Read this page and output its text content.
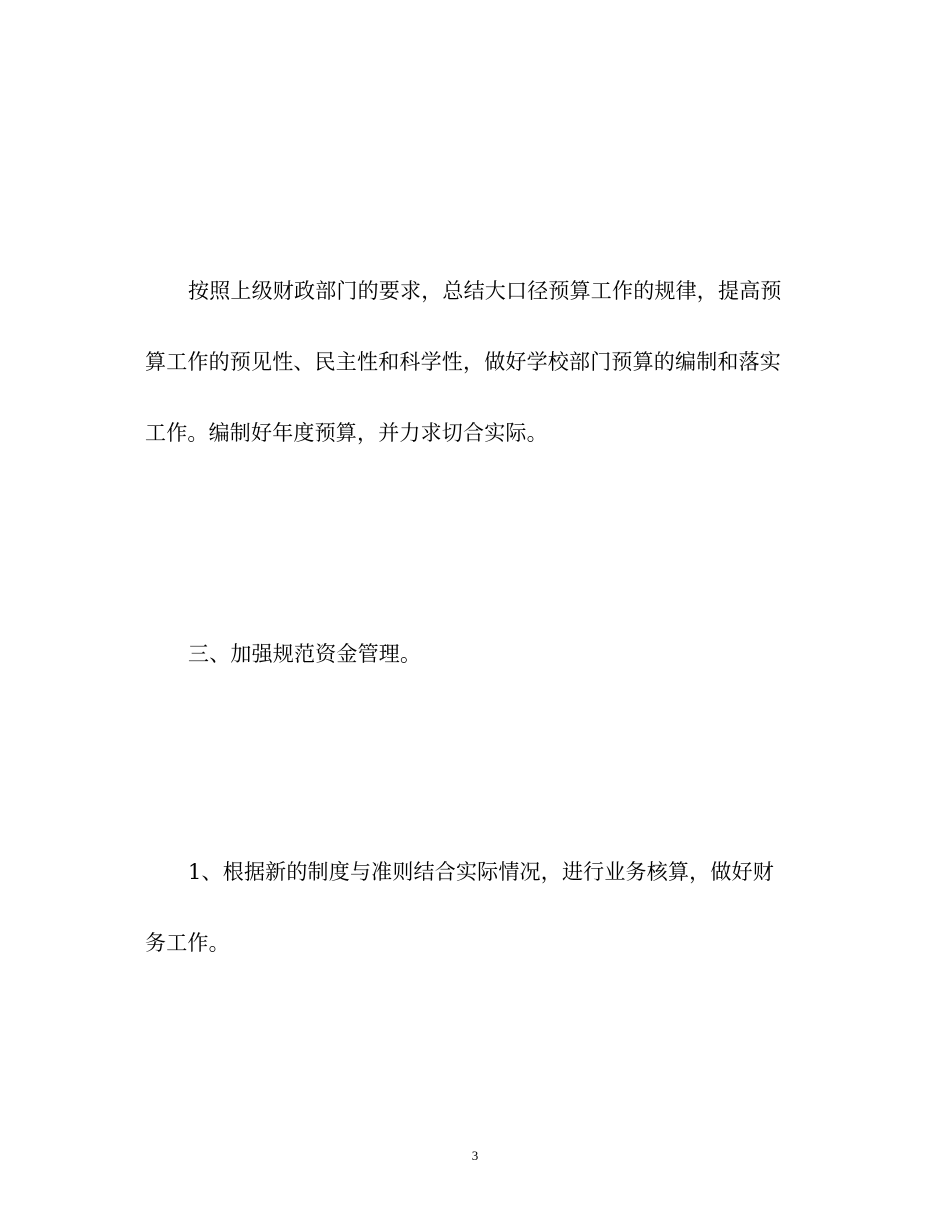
按照上级财政部门的要求，总结大口径预算工作的规律，提高预
算工作的预见性、民主性和科学性，做好学校部门预算的编制和落实
工作。编制好年度预算，并力求切合实际。
三、加强规范资金管理。
1、根据新的制度与准则结合实际情况，进行业务核算，做好财
务工作。
3
